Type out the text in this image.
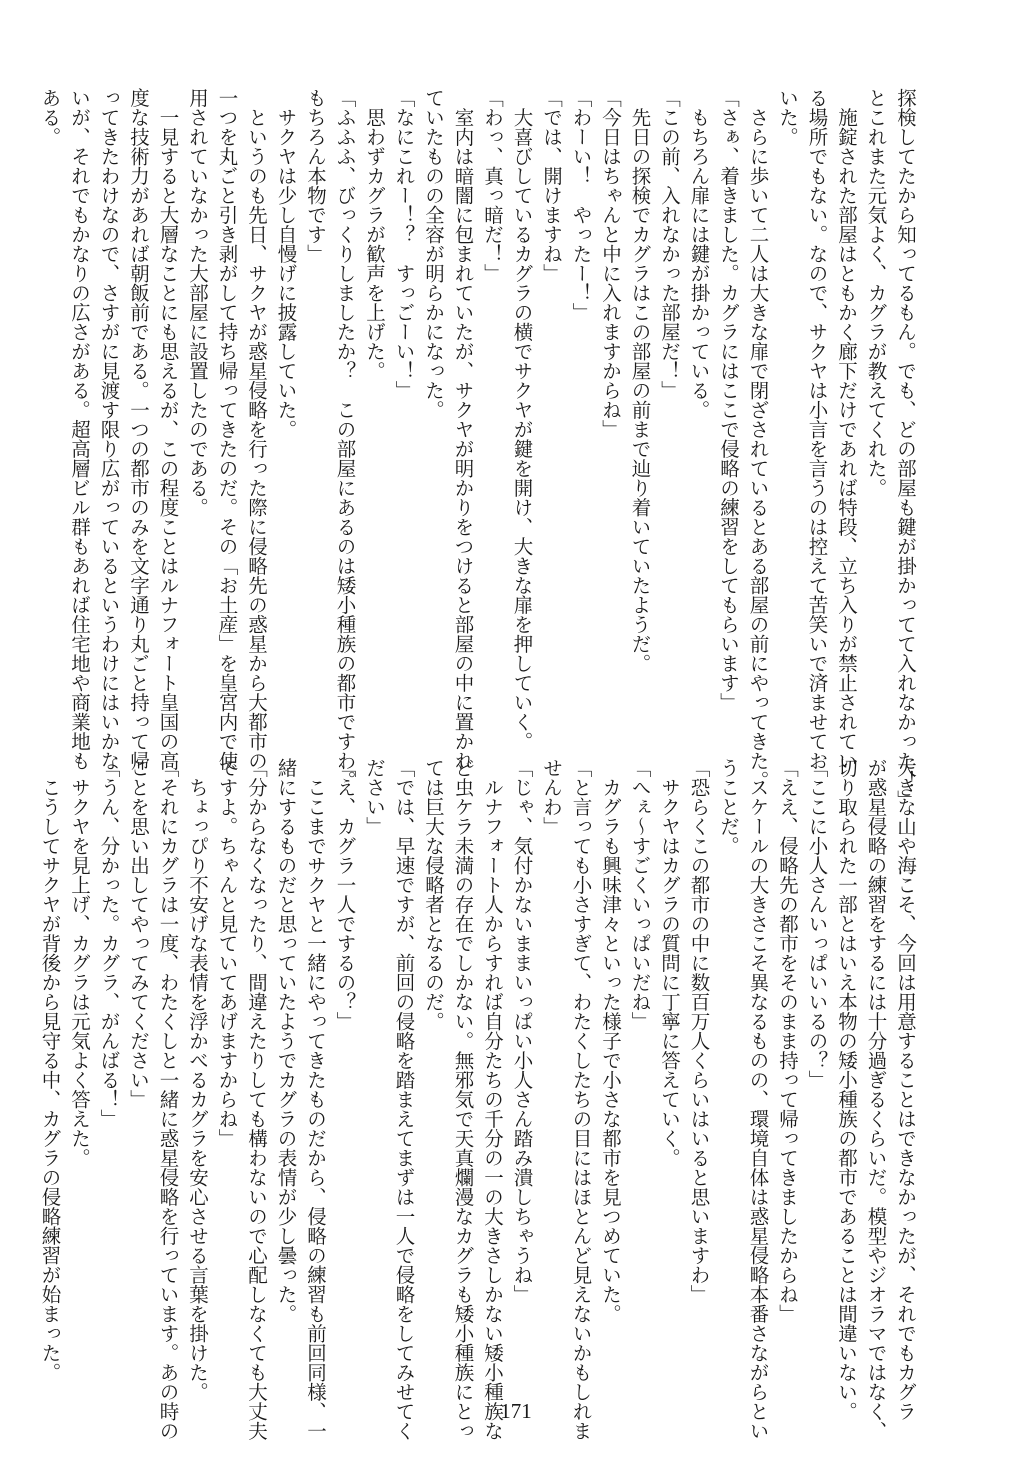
探検してたから知ってるもん。でも、どの部屋も鍵が掛かってて入れなかった！」
とこれまた元気よく、カグラが教えてくれた。
　施錠された部屋はともかく廊下だけであれば特段、立ち入りが禁止されてい
る場所でもない。なので、サクヤは小言を言うのは控えて苦笑いで済ませてお
いた。
　さらに歩いて二人は大きな扉で閉ざされているとある部屋の前にやってきた。
「さぁ、着きました。カグラにはここで侵略の練習をしてもらいます」
　もちろん扉には鍵が掛かっている。
「この前、入れなかった部屋だ！」
　先日の探検でカグラはこの部屋の前まで辿り着いていたようだ。
「今日はちゃんと中に入れますからね」
「わーい！　やったー！」
「では、開けますね」
　大喜びしているカグラの横でサクヤが鍵を開け、大きな扉を押していく。
「わっ、真っ暗だ！」
　室内は暗闇に包まれていたが、サクヤが明かりをつけると部屋の中に置かれ
ていたものの全容が明らかになった。
「なにこれー！？　すっごーい！」
　思わずカグラが歓声を上げた。
「ふふふ、びっくりしましたか？　この部屋にあるのは矮小種族の都市ですわ。
もちろん本物です」
　サクヤは少し自慢げに披露していた。
　というのも先日、サクヤが惑星侵略を行った際に侵略先の惑星から大都市の
一つを丸ごと引き剥がして持ち帰ってきたのだ。その「お土産」を皇宮内で使
用されていなかった大部屋に設置したのである。
　一見すると大層なことにも思えるが、この程度ことはルナフォート皇国の高
度な技術力があれば朝飯前である。一つの都市のみを文字通り丸ごと持って帰
ってきたわけなので、さすがに見渡す限り広がっているというわけにはいかな
いが、それでもかなりの広さがある。超高層ビル群もあれば住宅地や商業地も
ある。
大きな山や海こそ、今回は用意することはできなかったが、それでもカグラ
が惑星侵略の練習をするには十分過ぎるくらいだ。模型やジオラマではなく、
切り取られた一部とはいえ本物の矮小種族の都市であることは間違いない。
「ここに小人さんいっぱいいるの？」
「ええ、侵略先の都市をそのまま持って帰ってきましたからね」
　スケールの大きさこそ異なるものの、環境自体は惑星侵略本番さながらとい
うことだ。
「恐らくこの都市の中に数百万人くらいはいると思いますわ」
　サクヤはカグラの質問に丁寧に答えていく。
「へぇ～すごくいっぱいだね」
　カグラも興味津々といった様子で小さな都市を見つめていた。
「と言っても小さすぎて、わたくしたちの目にはほとんど見えないかもしれま
せんわ」
「じゃ、気付かないままいっぱい小人さん踏み潰しちゃうね」
　ルナフォート人からすれば自分たちの千分の一の大きさしかない矮小種族な
ど虫ケラ未満の存在でしかない。無邪気で天真爛漫なカグラも矮小種族にとっ
ては巨大な侵略者となるのだ。
「では、早速ですが、前回の侵略を踏まえてまずは一人で侵略をしてみせてく
ださい」
「え、カグラ一人でするの？」
　ここまでサクヤと一緒にやってきたものだから、侵略の練習も前回同様、一
緒にするものだと思っていたようでカグラの表情が少し曇った。
「分からなくなったり、間違えたりしても構わないので心配しなくても大丈夫
ですよ。ちゃんと見ていてあげますからね」
　ちょっぴり不安げな表情を浮かべるカグラを安心させる言葉を掛けた。
「それにカグラは一度、わたくしと一緒に惑星侵略を行っています。あの時の
ことを思い出してやってみてください」
「うん、分かった。カグラ、がんばる！」
　サクヤを見上げ、カグラは元気よく答えた。
　こうしてサクヤが背後から見守る中、カグラの侵略練習が始まった。
171
